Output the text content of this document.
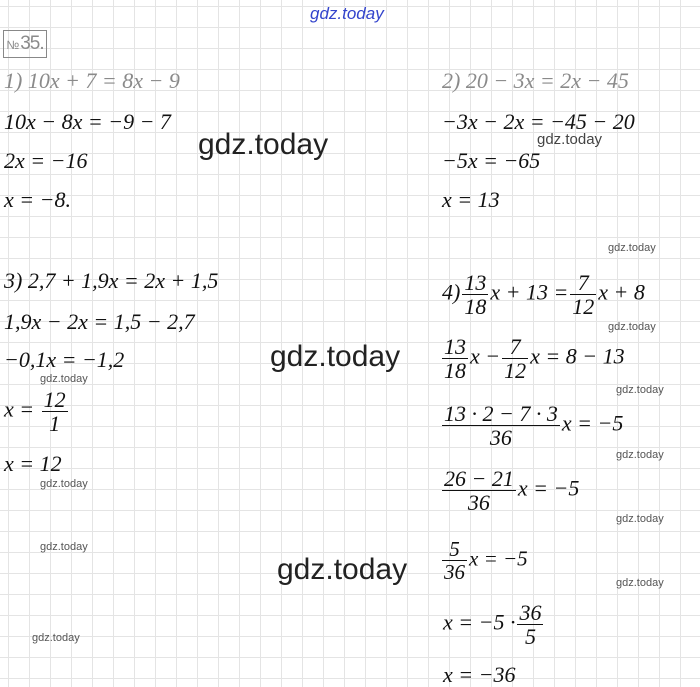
gdz.today
№35.
1) 10x + 7 = 8x − 9
10x − 8x = −9 − 7
2x = −16
x = −8.
2) 20 − 3x = 2x − 45
−3x − 2x = −45 − 20
−5x = −65
x = 13
3) 2,7 + 1,9x = 2x + 1,5
1,9x − 2x = 1,5 − 2,7
−0,1x = −1,2
$x = \frac{12}{1}$
x = 12
$4) \frac{13}{18}$ $x + 13 = \frac{7}{12}$ x + 8
$\frac{13}{18}$ $x - \frac{7}{12}$ x = 8 − 13
$\frac{13 \cdot 2 - 7 \cdot 3}{36}$ x = −5
$\frac{26 - 21}{36}$ x = −5
$\frac{5}{36}$ x = −5
$x = -5 \cdot \frac{36}{5}$
x = −36
gdz.today
gdz.today
gdz.today
gdz.today
gdz.today
gdz.today
gdz.today
gdz.today
gdz.today
gdz.today
gdz.today
gdz.today
gdz.today
gdz.today
